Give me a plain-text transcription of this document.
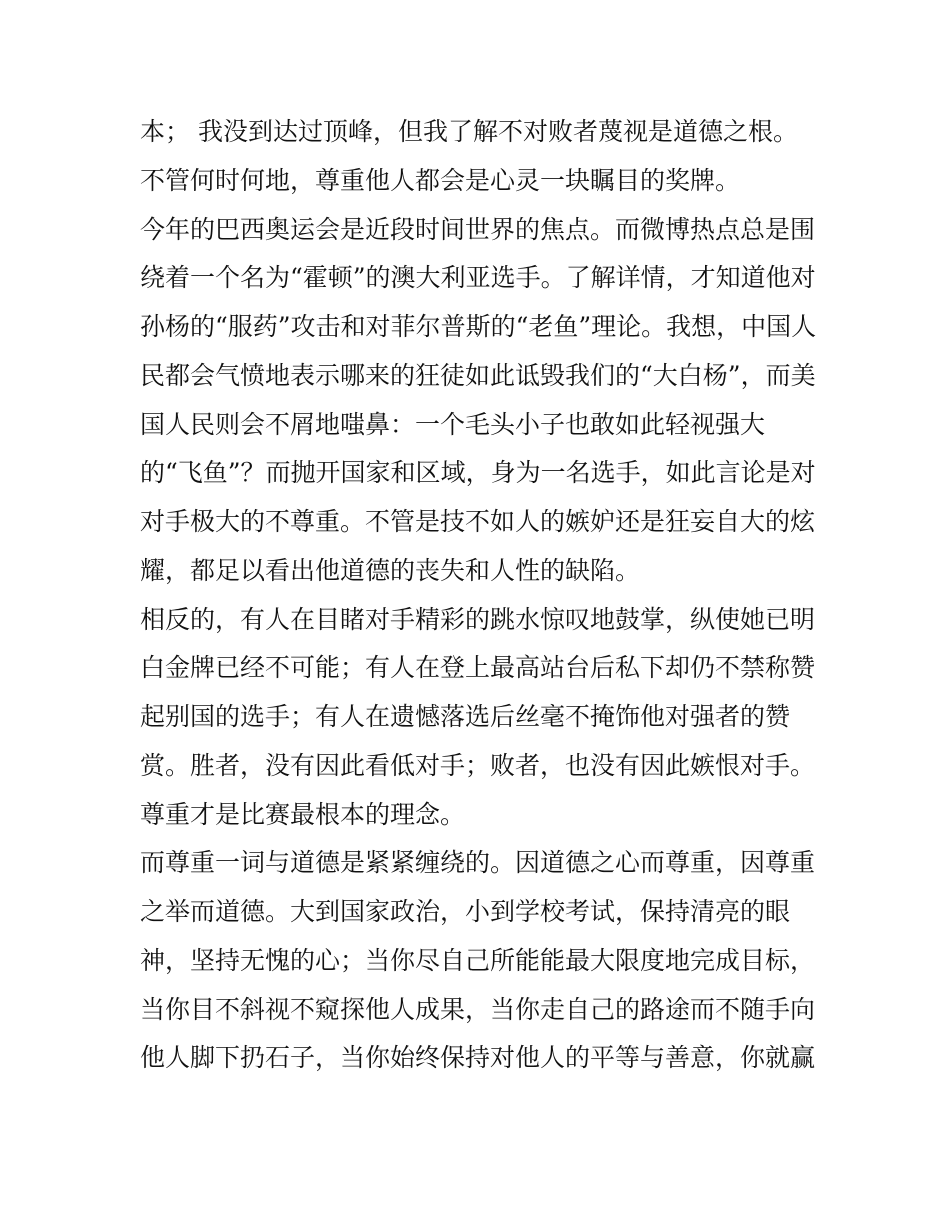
本； 我没到达过顶峰，但我了解不对败者蔑视是道德之根。
不管何时何地，尊重他人都会是心灵一块瞩目的奖牌。
今年的巴西奥运会是近段时间世界的焦点。而微博热点总是围
绕着一个名为“霍顿”的澳大利亚选手。了解详情，才知道他对
孙杨的“服药”攻击和对菲尔普斯的“老鱼”理论。我想，中国人
民都会气愤地表示哪来的狂徒如此诋毁我们的“大白杨”，而美
国人民则会不屑地嗤鼻：一个毛头小子也敢如此轻视强大
的“飞鱼”？而抛开国家和区域，身为一名选手，如此言论是对
对手极大的不尊重。不管是技不如人的嫉妒还是狂妄自大的炫
耀，都足以看出他道德的丧失和人性的缺陷。
相反的，有人在目睹对手精彩的跳水惊叹地鼓掌，纵使她已明
白金牌已经不可能；有人在登上最高站台后私下却仍不禁称赞
起别国的选手；有人在遗憾落选后丝毫不掩饰他对强者的赞
赏。胜者，没有因此看低对手；败者，也没有因此嫉恨对手。
尊重才是比赛最根本的理念。
而尊重一词与道德是紧紧缠绕的。因道德之心而尊重，因尊重
之举而道德。大到国家政治，小到学校考试，保持清亮的眼
神，坚持无愧的心；当你尽自己所能能最大限度地完成目标，
当你目不斜视不窥探他人成果，当你走自己的路途而不随手向
他人脚下扔石子，当你始终保持对他人的平等与善意，你就赢
